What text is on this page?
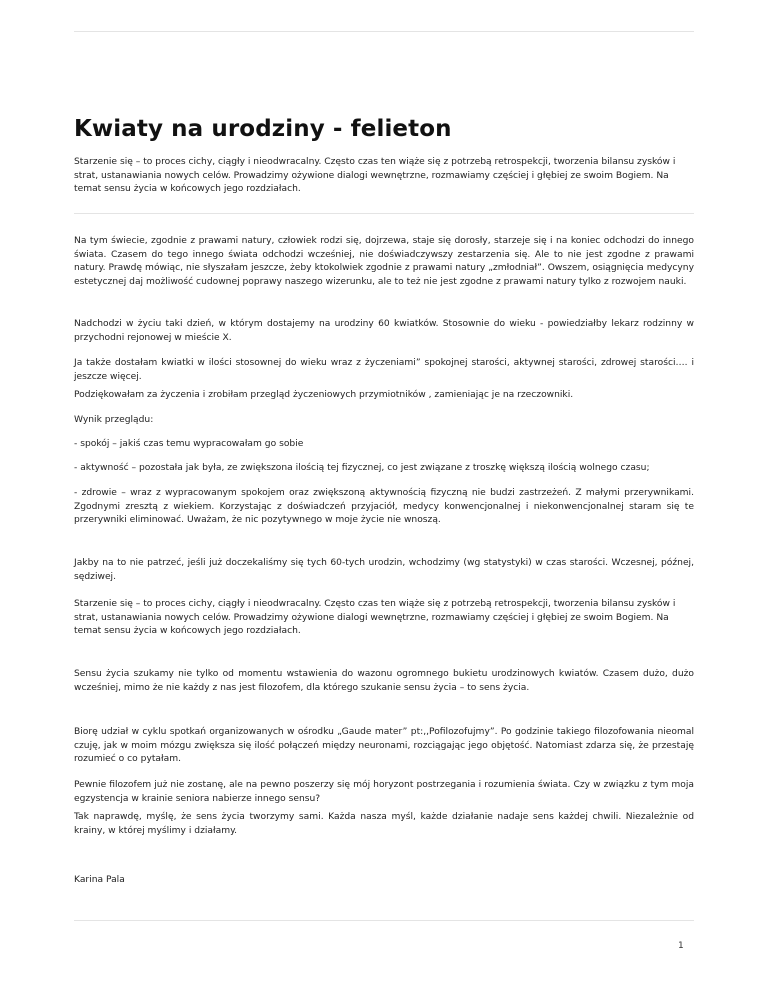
Kwiaty na urodziny - felieton

Starzenie się – to proces cichy, ciągły i nieodwracalny. Często czas ten wiąże się z potrzebą retrospekcji, tworzenia bilansu zysków i strat, ustanawiania nowych celów. Prowadzimy ożywione dialogi wewnętrzne, rozmawiamy częściej i głębiej ze swoim Bogiem. Na temat sensu życia w końcowych jego rozdziałach.

Na tym świecie, zgodnie z prawami natury, człowiek rodzi się, dojrzewa, staje się dorosły, starzeje się i na koniec odchodzi do innego świata. Czasem do tego innego świata odchodzi wcześniej, nie doświadczywszy zestarzenia się. Ale to nie jest zgodne z prawami natury. Prawdę mówiąc, nie słyszałam jeszcze, żeby ktokolwiek zgodnie z prawami natury „zmłodniał”. Owszem, osiągnięcia medycyny estetycznej daj możliwość cudownej poprawy naszego wizerunku, ale to też nie jest zgodne z prawami natury tylko z rozwojem nauki.

Nadchodzi w życiu taki dzień, w którym dostajemy na urodziny 60 kwiatków. Stosownie do wieku - powiedziałby lekarz rodzinny w przychodni rejonowej w mieście X.

Ja także dostałam kwiatki w ilości stosownej do wieku wraz z życzeniami” spokojnej starości, aktywnej starości, zdrowej starości…. i jeszcze więcej.

Podziękowałam za życzenia i zrobiłam przegląd życzeniowych przymiotników , zamieniając je na rzeczowniki.

Wynik przeglądu:

- spokój – jakiś czas temu wypracowałam go sobie

- aktywność – pozostała jak była, ze zwiększona ilością tej fizycznej, co jest związane z troszkę większą ilością wolnego czasu;

- zdrowie – wraz z wypracowanym spokojem oraz zwiększoną aktywnością fizyczną nie budzi zastrzeżeń. Z małymi przerywnikami. Zgodnymi zresztą z wiekiem. Korzystając z doświadczeń przyjaciół, medycy konwencjonalnej i niekonwencjonalnej staram się te przerywniki eliminować. Uważam, że nic pozytywnego w moje życie nie wnoszą.

Jakby na to nie patrzeć, jeśli już doczekaliśmy się tych 60-tych urodzin, wchodzimy (wg statystyki) w czas starości. Wczesnej, późnej, sędziwej.

Starzenie się – to proces cichy, ciągły i nieodwracalny. Często czas ten wiąże się z potrzebą retrospekcji, tworzenia bilansu zysków i strat, ustanawiania nowych celów. Prowadzimy ożywione dialogi wewnętrzne, rozmawiamy częściej i głębiej ze swoim Bogiem. Na temat sensu życia w końcowych jego rozdziałach.

Sensu życia szukamy nie tylko od momentu wstawienia do wazonu ogromnego bukietu urodzinowych kwiatów. Czasem dużo, dużo wcześniej, mimo że nie każdy z nas jest filozofem, dla którego szukanie sensu życia – to sens życia.

Biorę udział w cyklu spotkań organizowanych w ośrodku „Gaude mater” pt:,,Pofilozofujmy”. Po godzinie takiego filozofowania nieomal czuję, jak w moim mózgu zwiększa się ilość połączeń między neuronami, rozciągając jego objętość. Natomiast zdarza się, że przestaję rozumieć o co pytałam.

Pewnie filozofem już nie zostanę, ale na pewno poszerzy się mój horyzont postrzegania i rozumienia świata. Czy w związku z tym moja egzystencja w krainie seniora nabierze innego sensu?

Tak naprawdę, myślę, że sens życia tworzymy sami. Każda nasza myśl, każde działanie nadaje sens każdej chwili. Niezależnie od krainy, w której myślimy i działamy.

Karina Pala

1
